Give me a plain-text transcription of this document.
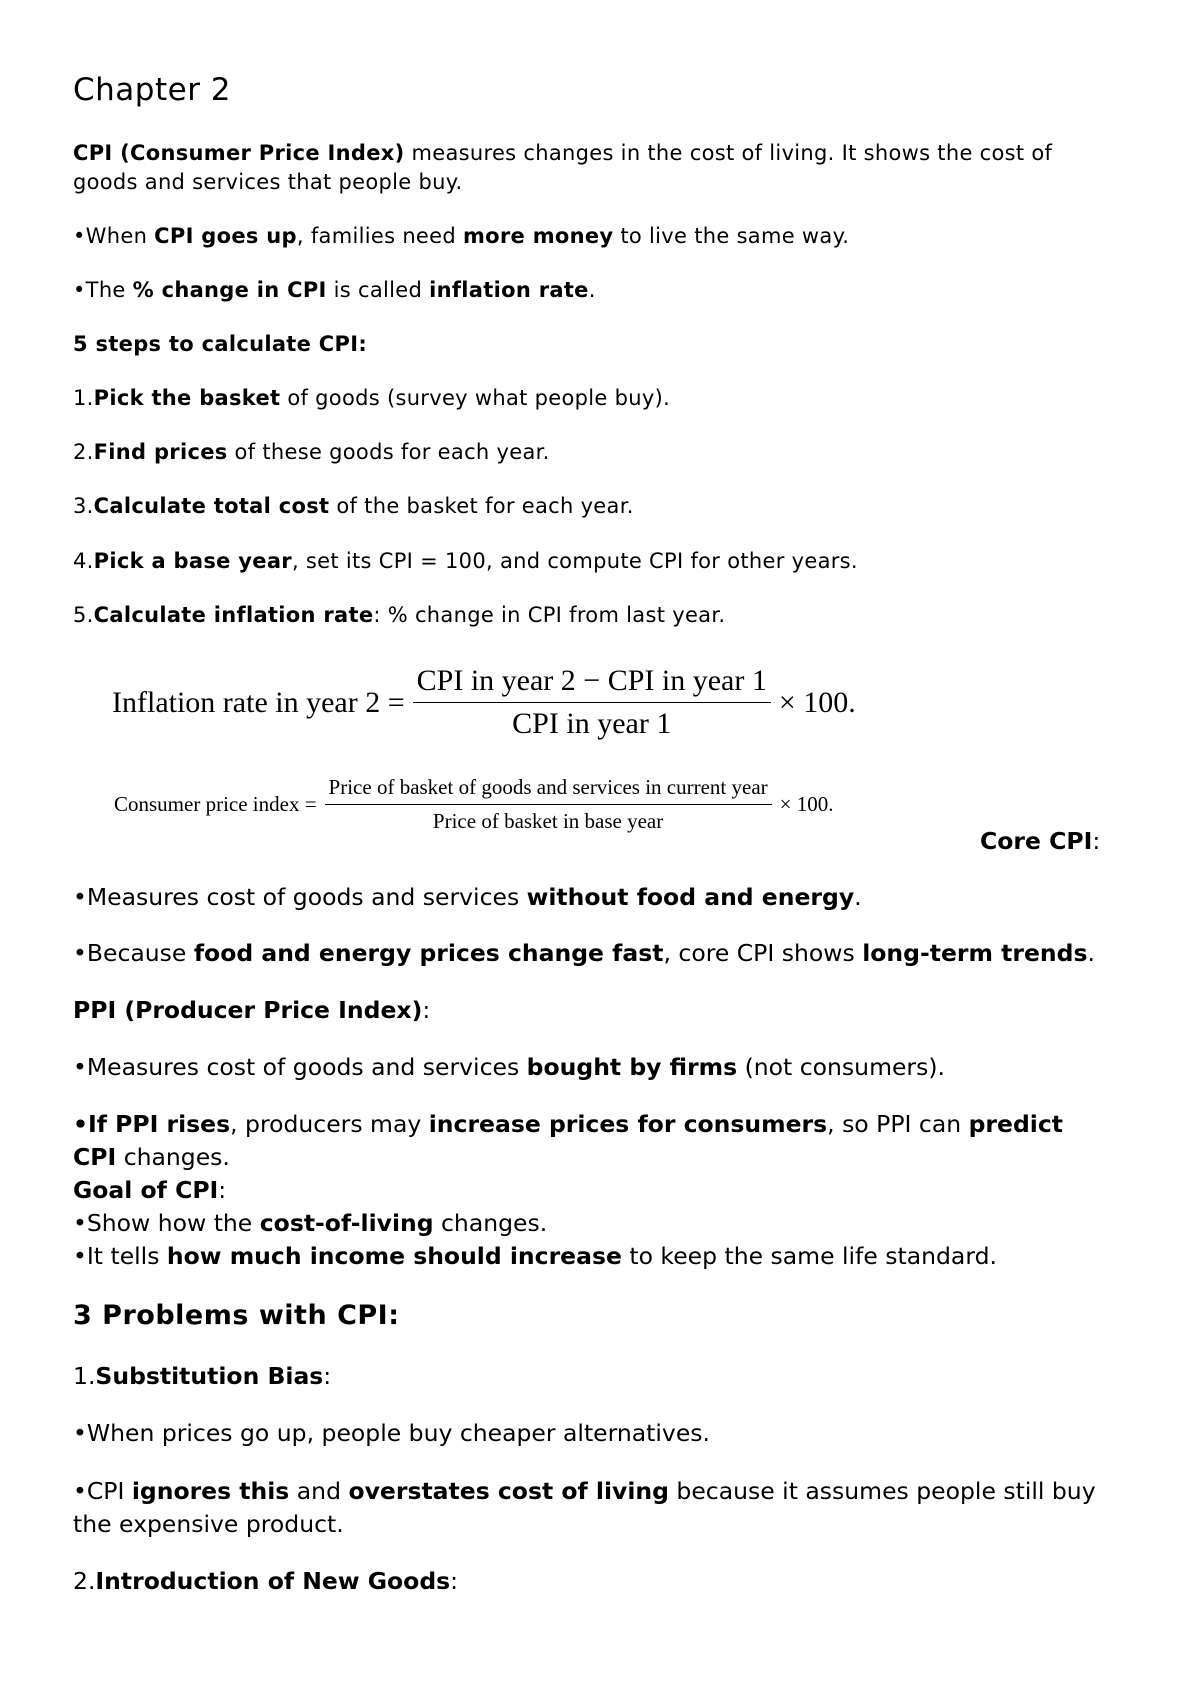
Chapter 2
CPI (Consumer Price Index) measures changes in the cost of living. It shows the cost of
goods and services that people buy.
•When CPI goes up, families need more money to live the same way.
•The % change in CPI is called inflation rate.
5 steps to calculate CPI:
1.Pick the basket of goods (survey what people buy).
2.Find prices of these goods for each year.
3.Calculate total cost of the basket for each year.
4.Pick a base year, set its CPI = 100, and compute CPI for other years.
5.Calculate inflation rate: % change in CPI from last year.
Inflation rate in year $2 = \frac{\text{CPI in year 2 − CPI in year 1}}{\text{CPI in year 1}} \times 100$.
Consumer price index = $\frac{\text{Price of basket of goods and services in current year}}{\text{Price of basket in base year}} \times 100$.
Core CPI:
•Measures cost of goods and services without food and energy.
•Because food and energy prices change fast, core CPI shows long-term trends.
PPI (Producer Price Index):
•Measures cost of goods and services bought by firms (not consumers).
•If PPI rises, producers may increase prices for consumers, so PPI can predict
CPI changes.
Goal of CPI:
•Show how the cost-of-living changes.
•It tells how much income should increase to keep the same life standard.
3 Problems with CPI:
1.Substitution Bias:
•When prices go up, people buy cheaper alternatives.
•CPI ignores this and overstates cost of living because it assumes people still buy
the expensive product.
2.Introduction of New Goods:
